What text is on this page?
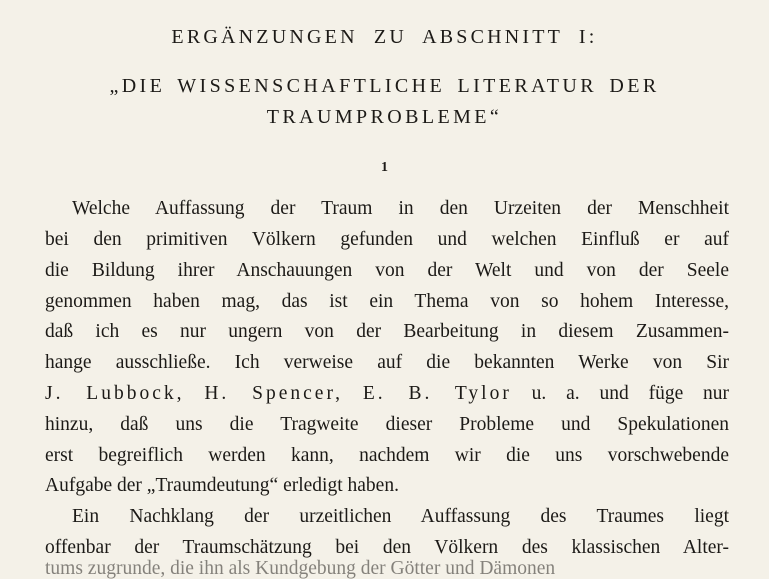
ERGÄNZUNGEN ZU ABSCHNITT I:
„DIE WISSENSCHAFTLICHE LITERATUR DER
TRAUMPROBLEME“
1
Welche Auffassung der Traum in den Urzeiten der Menschheit
bei den primitiven Völkern gefunden und welchen Einfluß er auf
die Bildung ihrer Anschauungen von der Welt und von der Seele
genommen haben mag, das ist ein Thema von so hohem Interesse,
daß ich es nur ungern von der Bearbeitung in diesem Zusammen-
hange ausschließe. Ich verweise auf die bekannten Werke von Sir
J. Lubbock, H. Spencer, E. B. Tylor u. a. und füge nur
hinzu, daß uns die Tragweite dieser Probleme und Spekulationen
erst begreiflich werden kann, nachdem wir die uns vorschwebende
Aufgabe der „Traumdeutung“ erledigt haben.
Ein Nachklang der urzeitlichen Auffassung des Traumes liegt
offenbar der Traumschätzung bei den Völkern des klassischen Alter-
tums zugrunde, die ihn als Kundgebung der Götter und Dämonen
